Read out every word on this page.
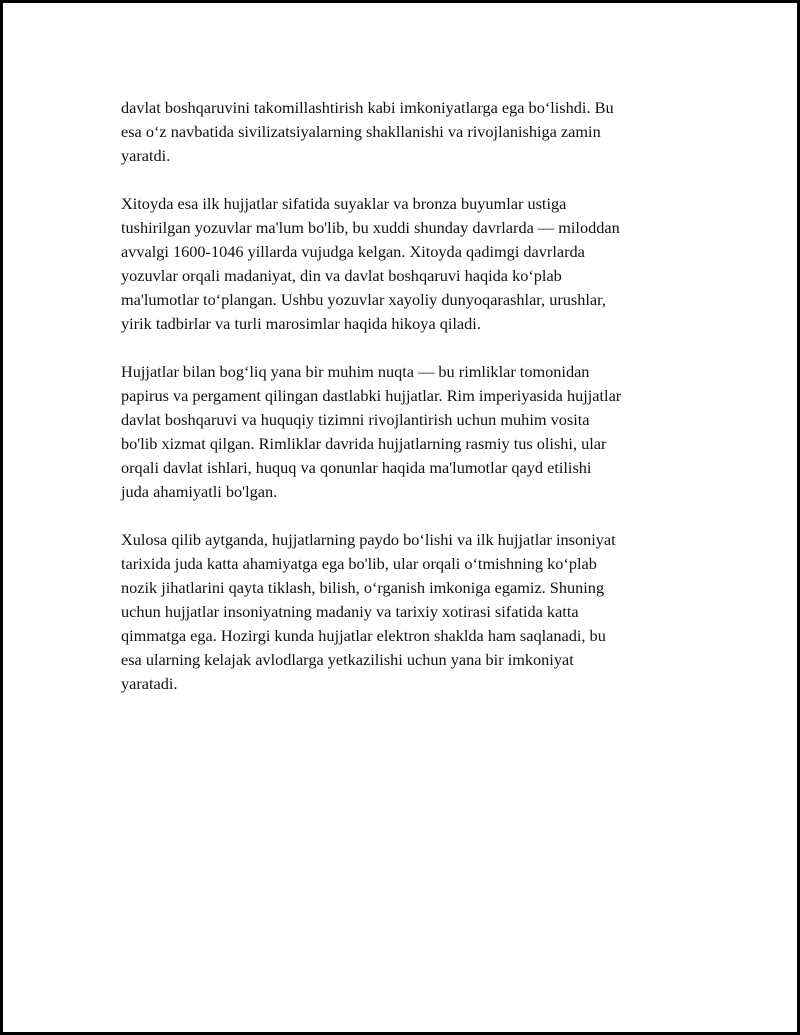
davlat boshqaruvini takomillashtirish kabi imkoniyatlarga ega bo‘lishdi. Bu
esa o‘z navbatida sivilizatsiyalarning shakllanishi va rivojlanishiga zamin
yaratdi.

Xitoyda esa ilk hujjatlar sifatida suyaklar va bronza buyumlar ustiga
tushirilgan yozuvlar ma'lum bo'lib, bu xuddi shunday davrlarda — miloddan
avvalgi 1600-1046 yillarda vujudga kelgan. Xitoyda qadimgi davrlarda
yozuvlar orqali madaniyat, din va davlat boshqaruvi haqida ko‘plab
ma'lumotlar to‘plangan. Ushbu yozuvlar xayoliy dunyoqarashlar, urushlar,
yirik tadbirlar va turli marosimlar haqida hikoya qiladi.

Hujjatlar bilan bog‘liq yana bir muhim nuqta — bu rimliklar tomonidan
papirus va pergament qilingan dastlabki hujjatlar. Rim imperiyasida hujjatlar
davlat boshqaruvi va huquqiy tizimni rivojlantirish uchun muhim vosita
bo'lib xizmat qilgan. Rimliklar davrida hujjatlarning rasmiy tus olishi, ular
orqali davlat ishlari, huquq va qonunlar haqida ma'lumotlar qayd etilishi
juda ahamiyatli bo'lgan.

Xulosa qilib aytganda, hujjatlarning paydo bo‘lishi va ilk hujjatlar insoniyat
tarixida juda katta ahamiyatga ega bo'lib, ular orqali o‘tmishning ko‘plab
nozik jihatlarini qayta tiklash, bilish, o‘rganish imkoniga egamiz. Shuning
uchun hujjatlar insoniyatning madaniy va tarixiy xotirasi sifatida katta
qimmatga ega. Hozirgi kunda hujjatlar elektron shaklda ham saqlanadi, bu
esa ularning kelajak avlodlarga yetkazilishi uchun yana bir imkoniyat
yaratadi.
